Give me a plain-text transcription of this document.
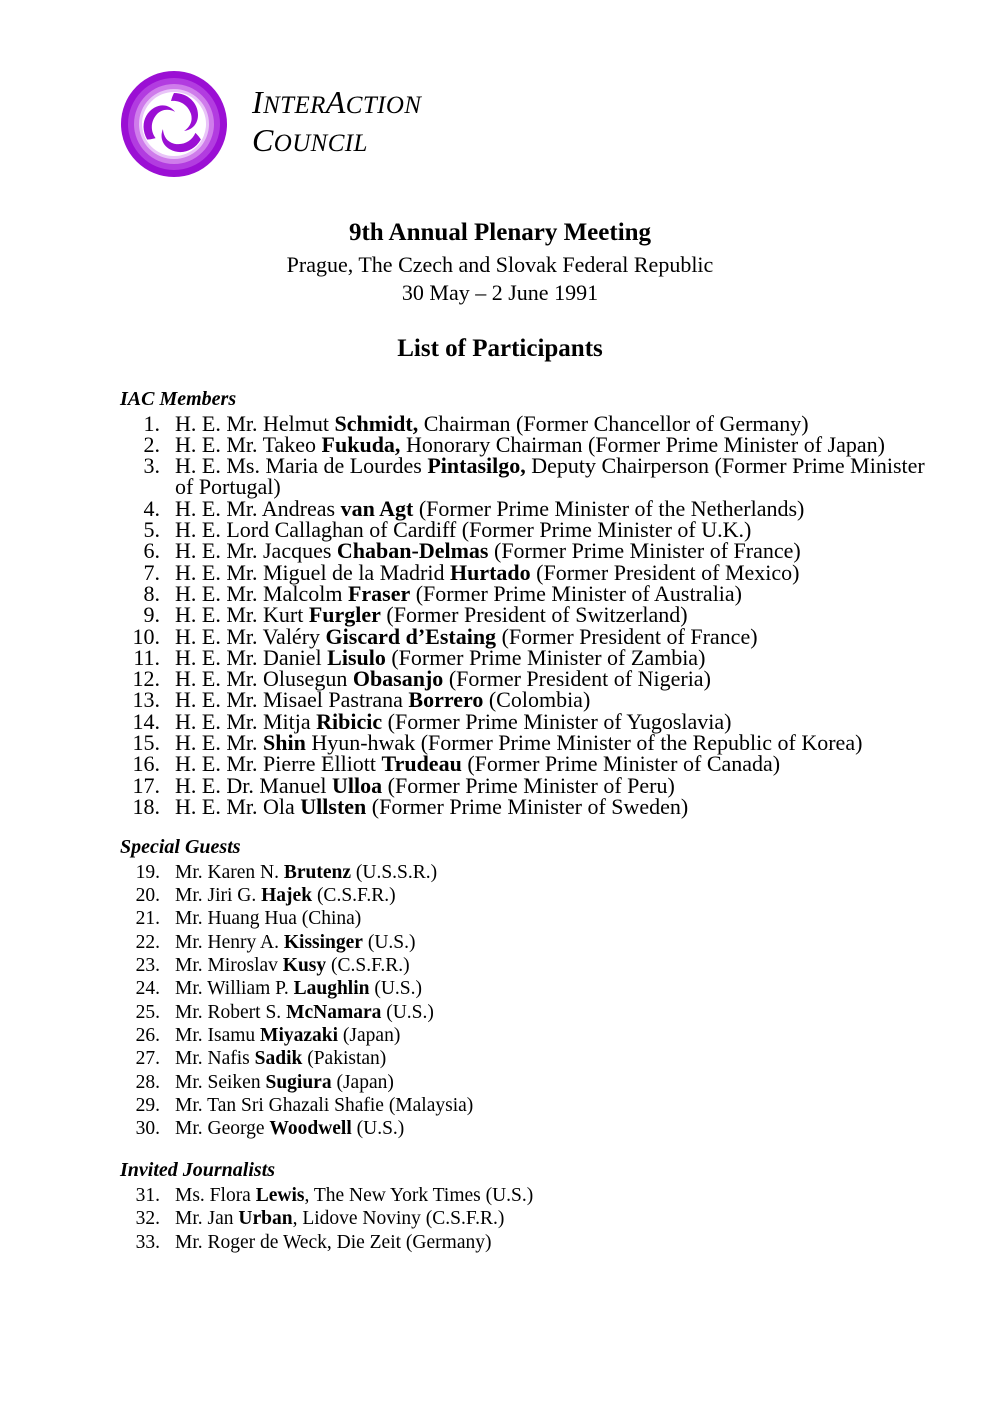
INTERACTION
COUNCIL
9th Annual Plenary Meeting

Prague, The Czech and Slovak Federal Republic

30 May – 2 June 1991

List of Participants
IAC Members
1. H. E. Mr. Helmut Schmidt, Chairman (Former Chancellor of Germany)
2. H. E. Mr. Takeo Fukuda, Honorary Chairman (Former Prime Minister of Japan)
3. H. E. Ms. Maria de Lourdes Pintasilgo, Deputy Chairperson (Former Prime Minister of Portugal)
4. H. E. Mr. Andreas van Agt (Former Prime Minister of the Netherlands)
5. H. E. Lord Callaghan of Cardiff (Former Prime Minister of U.K.)
6. H. E. Mr. Jacques Chaban-Delmas (Former Prime Minister of France)
7. H. E. Mr. Miguel de la Madrid Hurtado (Former President of Mexico)
8. H. E. Mr. Malcolm Fraser (Former Prime Minister of Australia)
9. H. E. Mr. Kurt Furgler (Former President of Switzerland)
10. H. E. Mr. Valéry Giscard d’Estaing (Former President of France)
11. H. E. Mr. Daniel Lisulo (Former Prime Minister of Zambia)
12. H. E. Mr. Olusegun Obasanjo (Former President of Nigeria)
13. H. E. Mr. Misael Pastrana Borrero (Colombia)
14. H. E. Mr. Mitja Ribicic (Former Prime Minister of Yugoslavia)
15. H. E. Mr. Shin Hyun-hwak (Former Prime Minister of the Republic of Korea)
16. H. E. Mr. Pierre Elliott Trudeau (Former Prime Minister of Canada)
17. H. E. Dr. Manuel Ulloa (Former Prime Minister of Peru)
18. H. E. Mr. Ola Ullsten (Former Prime Minister of Sweden)
Special Guests
19. Mr. Karen N. Brutenz (U.S.S.R.)
20. Mr. Jiri G. Hajek (C.S.F.R.)
21. Mr. Huang Hua (China)
22. Mr. Henry A. Kissinger (U.S.)
23. Mr. Miroslav Kusy (C.S.F.R.)
24. Mr. William P. Laughlin (U.S.)
25. Mr. Robert S. McNamara (U.S.)
26. Mr. Isamu Miyazaki (Japan)
27. Mr. Nafis Sadik (Pakistan)
28. Mr. Seiken Sugiura (Japan)
29. Mr. Tan Sri Ghazali Shafie (Malaysia)
30. Mr. George Woodwell (U.S.)
Invited Journalists
31. Ms. Flora Lewis, The New York Times (U.S.)
32. Mr. Jan Urban, Lidove Noviny (C.S.F.R.)
33. Mr. Roger de Weck, Die Zeit (Germany)
